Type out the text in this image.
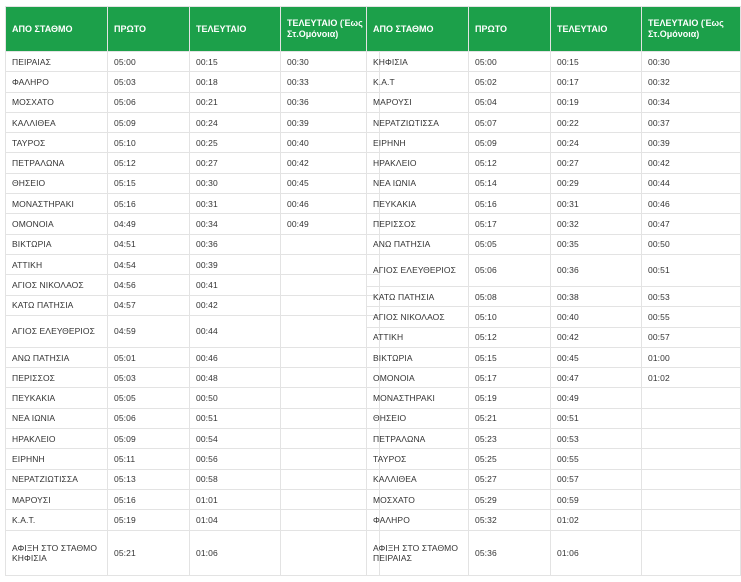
ΑΠΟ ΣΤΑΘΜΟ	ΠΡΩΤΟ	ΤΕΛΕΥΤΑΙΟ	ΤΕΛΕΥΤΑΙΟ (Έως Στ.Ομόνοια)
ΠΕΙΡΑΙΑΣ	05:00	00:15	00:30
ΦΑΛΗΡΟ	05:03	00:18	00:33
ΜΟΣΧΑΤΟ	05:06	00:21	00:36
ΚΑΛΛΙΘΕΑ	05:09	00:24	00:39
ΤΑΥΡΟΣ	05:10	00:25	00:40
ΠΕΤΡΑΛΩΝΑ	05:12	00:27	00:42
ΘΗΣΕΙΟ	05:15	00:30	00:45
ΜΟΝΑΣΤΗΡΑΚΙ	05:16	00:31	00:46
ΟΜΟΝΟΙΑ	04:49	00:34	00:49
ΒΙΚΤΩΡΙΑ	04:51	00:36	
ΑΤΤΙΚΗ	04:54	00:39	
ΑΓΙΟΣ ΝΙΚΟΛΑΟΣ	04:56	00:41	
ΚΑΤΩ ΠΑΤΗΣΙΑ	04:57	00:42	
ΑΓΙΟΣ ΕΛΕΥΘΕΡΙΟΣ	04:59	00:44	
ΑΝΩ ΠΑΤΗΣΙΑ	05:01	00:46	
ΠΕΡΙΣΣΟΣ	05:03	00:48	
ΠΕΥΚΑΚΙΑ	05:05	00:50	
ΝΕΑ ΙΩΝΙΑ	05:06	00:51	
ΗΡΑΚΛΕΙΟ	05:09	00:54	
ΕΙΡΗΝΗ	05:11	00:56	
ΝΕΡΑΤΖΙΩΤΙΣΣΑ	05:13	00:58	
ΜΑΡΟΥΣΙ	05:16	01:01	
Κ.Α.Τ.	05:19	01:04	
ΑΦΙΞΗ ΣΤΟ ΣΤΑΘΜΟ ΚΗΦΙΣΙΑ	05:21	01:06	
ΑΠΟ ΣΤΑΘΜΟ	ΠΡΩΤΟ	ΤΕΛΕΥΤΑΙΟ	ΤΕΛΕΥΤΑΙΟ (Έως Στ.Ομόνοια)
ΚΗΦΙΣΙΑ	05:00	00:15	00:30
Κ.Α.Τ	05:02	00:17	00:32
ΜΑΡΟΥΣΙ	05:04	00:19	00:34
ΝΕΡΑΤΖΙΩΤΙΣΣΑ	05:07	00:22	00:37
ΕΙΡΗΝΗ	05:09	00:24	00:39
ΗΡΑΚΛΕΙΟ	05:12	00:27	00:42
ΝΕΑ ΙΩΝΙΑ	05:14	00:29	00:44
ΠΕΥΚΑΚΙΑ	05:16	00:31	00:46
ΠΕΡΙΣΣΟΣ	05:17	00:32	00:47
ΑΝΩ ΠΑΤΗΣΙΑ	05:05	00:35	00:50
ΑΓΙΟΣ ΕΛΕΥΘΕΡΙΟΣ	05:06	00:36	00:51
ΚΑΤΩ ΠΑΤΗΣΙΑ	05:08	00:38	00:53
ΑΓΙΟΣ ΝΙΚΟΛΑΟΣ	05:10	00:40	00:55
ΑΤΤΙΚΗ	05:12	00:42	00:57
ΒΙΚΤΩΡΙΑ	05:15	00:45	01:00
ΟΜΟΝΟΙΑ	05:17	00:47	01:02
ΜΟΝΑΣΤΗΡΑΚΙ	05:19	00:49	
ΘΗΣΕΙΟ	05:21	00:51	
ΠΕΤΡΑΛΩΝΑ	05:23	00:53	
ΤΑΥΡΟΣ	05:25	00:55	
ΚΑΛΛΙΘΕΑ	05:27	00:57	
ΜΟΣΧΑΤΟ	05:29	00:59	
ΦΑΛΗΡΟ	05:32	01:02	
ΑΦΙΞΗ ΣΤΟ ΣΤΑΘΜΟ ΠΕΙΡΑΙΑΣ	05:36	01:06	
